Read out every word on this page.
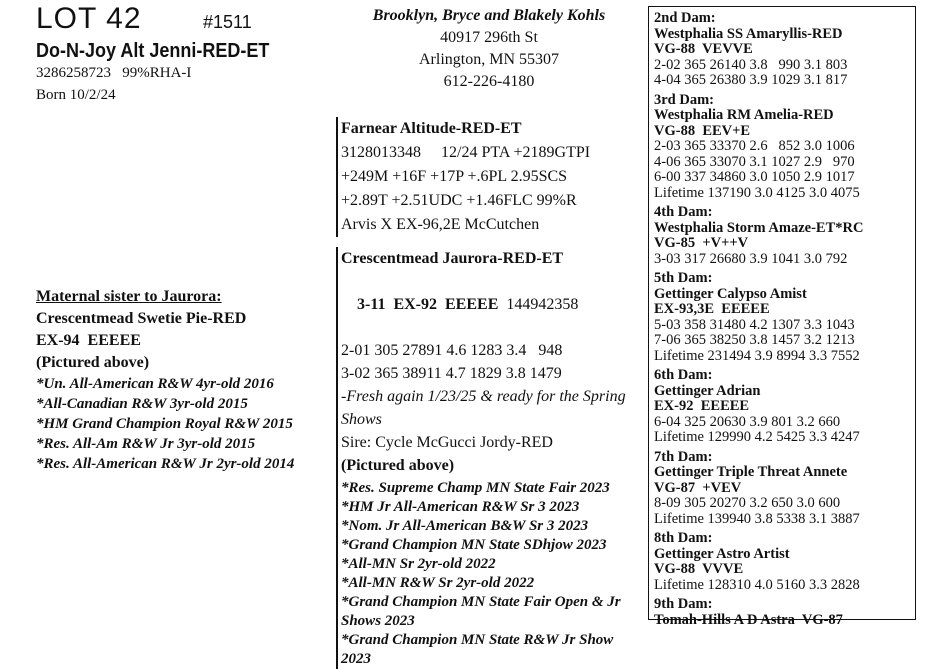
LOT 42	#1511
Do-N-Joy Alt Jenni-RED-ET
3286258723   99%RHA-I
Born 10/2/24
Brooklyn, Bryce and Blakely Kohls
40917 296th St
Arlington, MN 55307
612-226-4180
Farnear Altitude-RED-ET
3128013348     12/24 PTA +2189GTPI
+249M +16F +17P +.6PL 2.95SCS
+2.89T +2.51UDC +1.46FLC 99%R
Arvis X EX-96,2E McCutchen
Crescentmead Jaurora-RED-ET

3-11  EX-92  EEEEE 144942358

2-01 305 27891 4.6 1283 3.4   948
3-02 365 38911 4.7 1829 3.8 1479
-Fresh again 1/23/25 & ready for the Spring Shows
Sire: Cycle McGucci Jordy-RED
(Pictured above)
*Res. Supreme Champ MN State Fair 2023
*HM Jr All-American R&W Sr 3 2023
*Nom. Jr All-American B&W Sr 3 2023
*Grand Champion MN State SDhjow 2023
*All-MN Sr 2yr-old 2022
*All-MN R&W Sr 2yr-old 2022
*Grand Champion MN State Fair Open & Jr Shows 2023
*Grand Champion MN State R&W Jr Show 2023
Maternal sister to Jaurora:
Crescentmead Swetie Pie-RED
EX-94  EEEEE
(Pictured above)
*Un. All-American R&W 4yr-old 2016
*All-Canadian R&W 3yr-old 2015
*HM Grand Champion Royal R&W 2015
*Res. All-Am R&W Jr 3yr-old 2015
*Res. All-American R&W Jr 2yr-old 2014
2nd Dam:
Westphalia SS Amaryllis-RED
VG-88  VEVVE
2-02 365 26140 3.8   990 3.1 803
4-04 365 26380 3.9 1029 3.1 817
3rd Dam:
Westphalia RM Amelia-RED
VG-88  EEV+E
2-03 365 33370 2.6   852 3.0 1006
4-06 365 33070 3.1 1027 2.9   970
6-00 337 34860 3.0 1050 2.9 1017
Lifetime 137190 3.0 4125 3.0 4075
4th Dam:
Westphalia Storm Amaze-ET*RC
VG-85  +V++V
3-03 317 26680 3.9 1041 3.0 792
5th Dam:
Gettinger Calypso Amist
EX-93,3E  EEEEE
5-03 358 31480 4.2 1307 3.3 1043
7-06 365 38250 3.8 1457 3.2 1213
Lifetime 231494 3.9 8994 3.3 7552
6th Dam:
Gettinger Adrian
EX-92  EEEEE
6-04 325 20630 3.9 801 3.2 660
Lifetime 129990 4.2 5425 3.3 4247
7th Dam:
Gettinger Triple Threat Annete
VG-87  +VEV
8-09 305 20270 3.2 650 3.0 600
Lifetime 139940 3.8 5338 3.1 3887
8th Dam:
Gettinger Astro Artist
VG-88  VVVE
Lifetime 128310 4.0 5160 3.3 2828
9th Dam:
Tomah-Hills A D Astra  VG-87
